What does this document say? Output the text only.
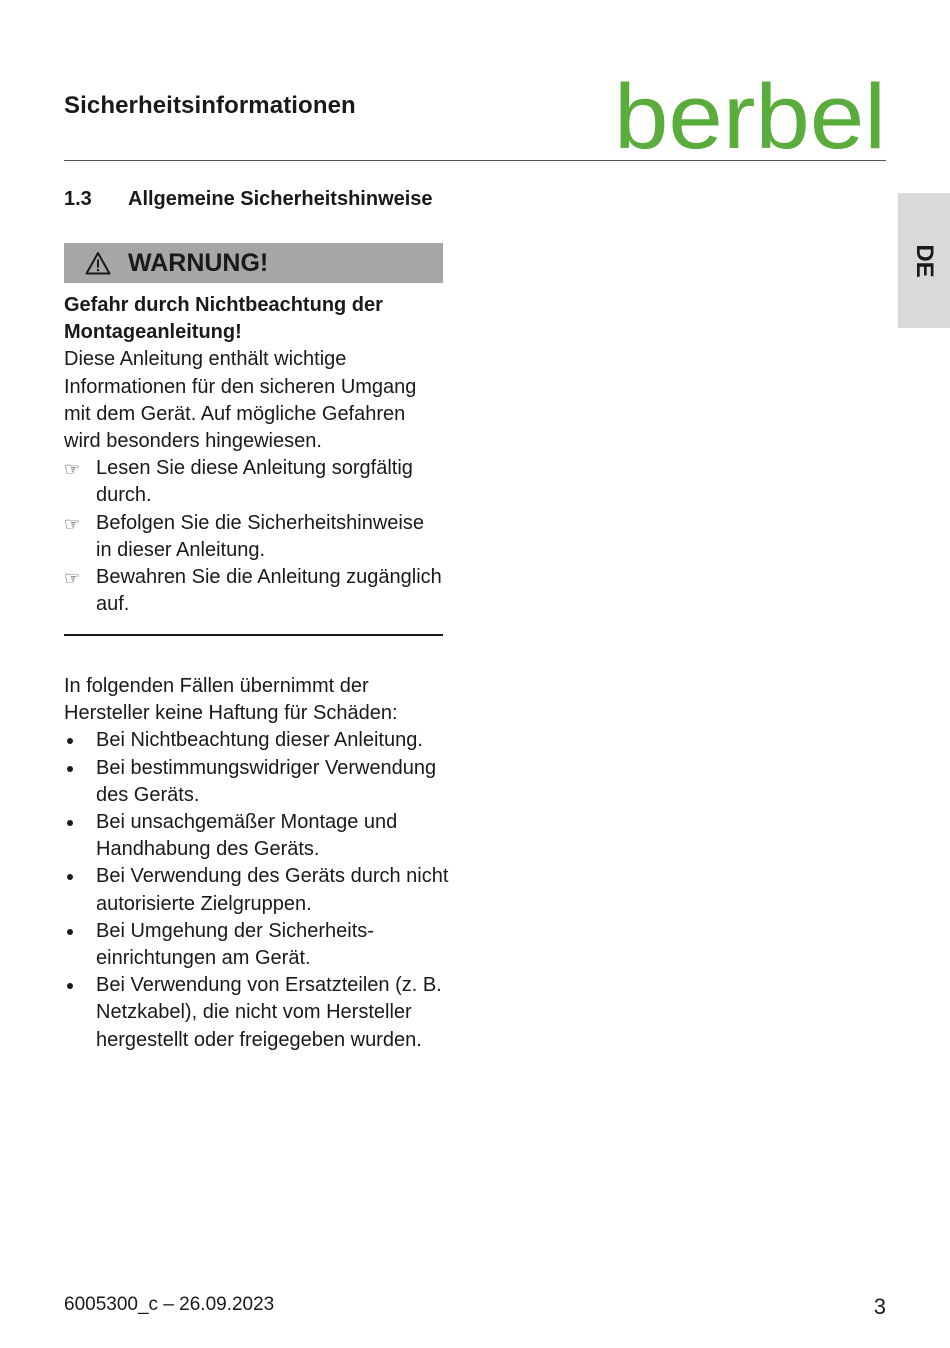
Sicherheitsinformationen	berbel
DE
1.3 Allgemeine Sicherheitshinweise
WARNUNG!
Gefahr durch Nichtbeachtung der Montageanleitung!

Diese Anleitung enthält wichtige Informationen für den sicheren Umgang mit dem Gerät. Auf mögliche Gefahren wird besonders hingewiesen.

☞ Lesen Sie diese Anleitung sorgfältig durch.
☞ Befolgen Sie die Sicherheitshinweise in dieser Anleitung.
☞ Bewahren Sie die Anleitung zugänglich auf.

In folgenden Fällen übernimmt der Hersteller keine Haftung für Schäden:

Bei Nichtbeachtung dieser Anleitung.
Bei bestimmungswidriger Verwendung des Geräts.
Bei unsachgemäßer Montage und Handhabung des Geräts.
Bei Verwendung des Geräts durch nicht autorisierte Zielgruppen.
Bei Umgehung der Sicherheits-einrichtungen am Gerät.
Bei Verwendung von Ersatzteilen (z. B. Netzkabel), die nicht vom Hersteller hergestellt oder freigegeben wurden.
6005300_c – 26.09.2023	3
